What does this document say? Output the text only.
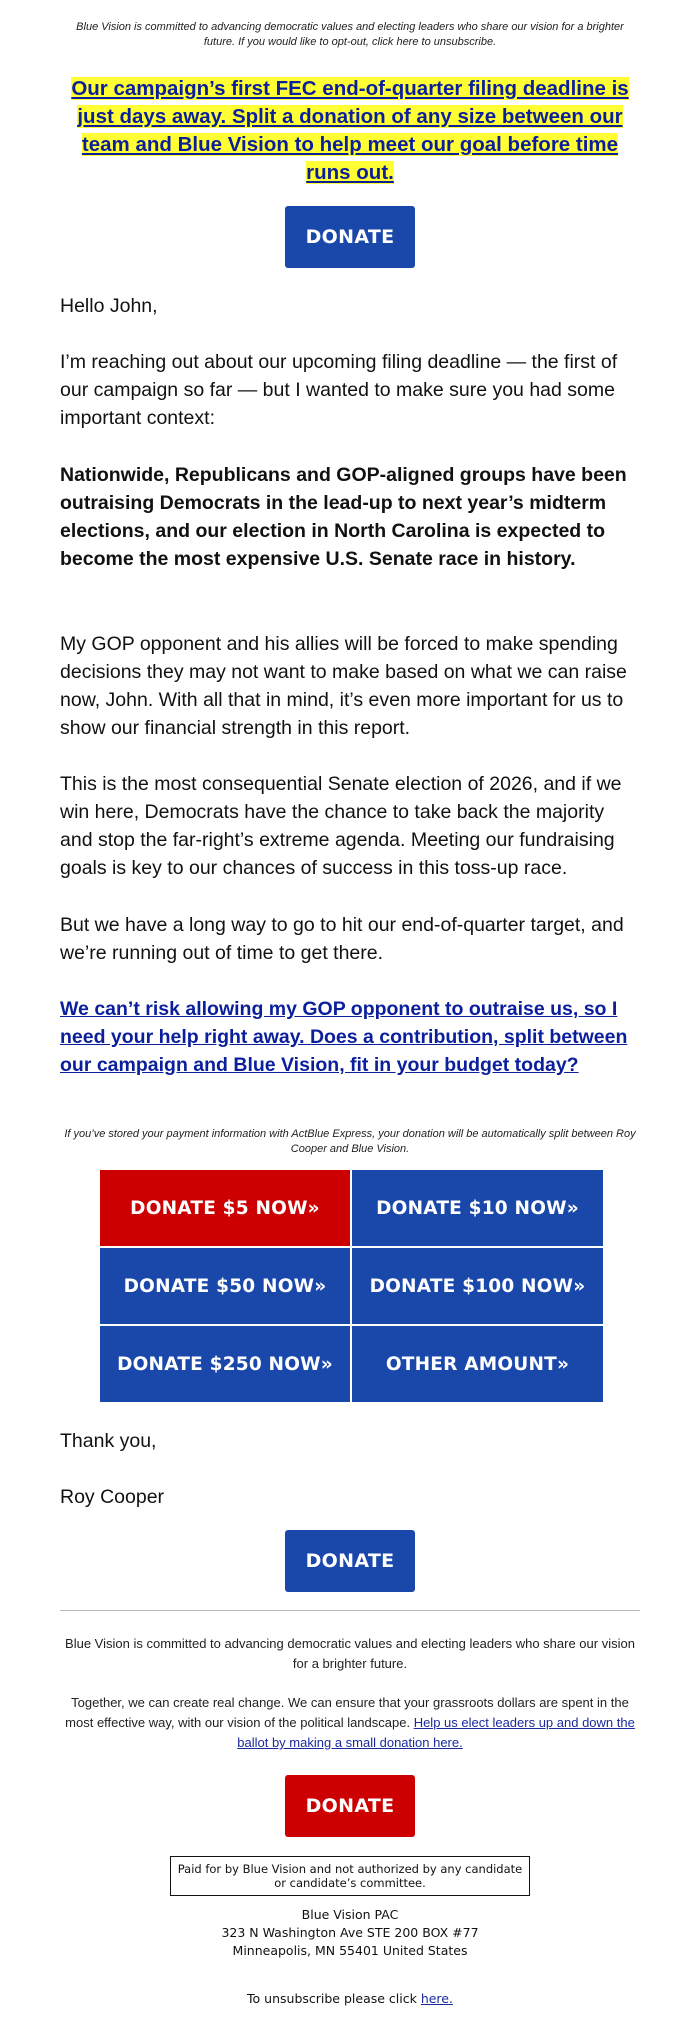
Blue Vision is committed to advancing democratic values and electing leaders who share our vision for a brighter future. If you would like to opt-out, click here to unsubscribe.
Our campaign’s first FEC end-of-quarter filing deadline is just days away. Split a donation of any size between our team and Blue Vision to help meet our goal before time runs out.
DONATE
Hello John,
I’m reaching out about our upcoming filing deadline — the first of our campaign so far — but I wanted to make sure you had some important context:
Nationwide, Republicans and GOP-aligned groups have been outraising Democrats in the lead-up to next year’s midterm elections, and our election in North Carolina is expected to become the most expensive U.S. Senate race in history.
My GOP opponent and his allies will be forced to make spending decisions they may not want to make based on what we can raise now, John. With all that in mind, it’s even more important for us to show our financial strength in this report.
This is the most consequential Senate election of 2026, and if we win here, Democrats have the chance to take back the majority and stop the far-right’s extreme agenda. Meeting our fundraising goals is key to our chances of success in this toss-up race.
But we have a long way to go to hit our end-of-quarter target, and we’re running out of time to get there.
We can’t risk allowing my GOP opponent to outraise us, so I need your help right away. Does a contribution, split between our campaign and Blue Vision, fit in your budget today?
If you’ve stored your payment information with ActBlue Express, your donation will be automatically split between Roy Cooper and Blue Vision.
DONATE $5 NOW»	DONATE $10 NOW»
DONATE $50 NOW»	DONATE $100 NOW»
DONATE $250 NOW»	OTHER AMOUNT»
Thank you,
Roy Cooper
DONATE
Blue Vision is committed to advancing democratic values and electing leaders who share our vision for a brighter future.
Together, we can create real change. We can ensure that your grassroots dollars are spent in the most effective way, with our vision of the political landscape. Help us elect leaders up and down the ballot by making a small donation here.
DONATE
Paid for by Blue Vision and not authorized by any candidate or candidate’s committee.
Blue Vision PAC
323 N Washington Ave STE 200 BOX #77
Minneapolis, MN 55401 United States
To unsubscribe please click here.
